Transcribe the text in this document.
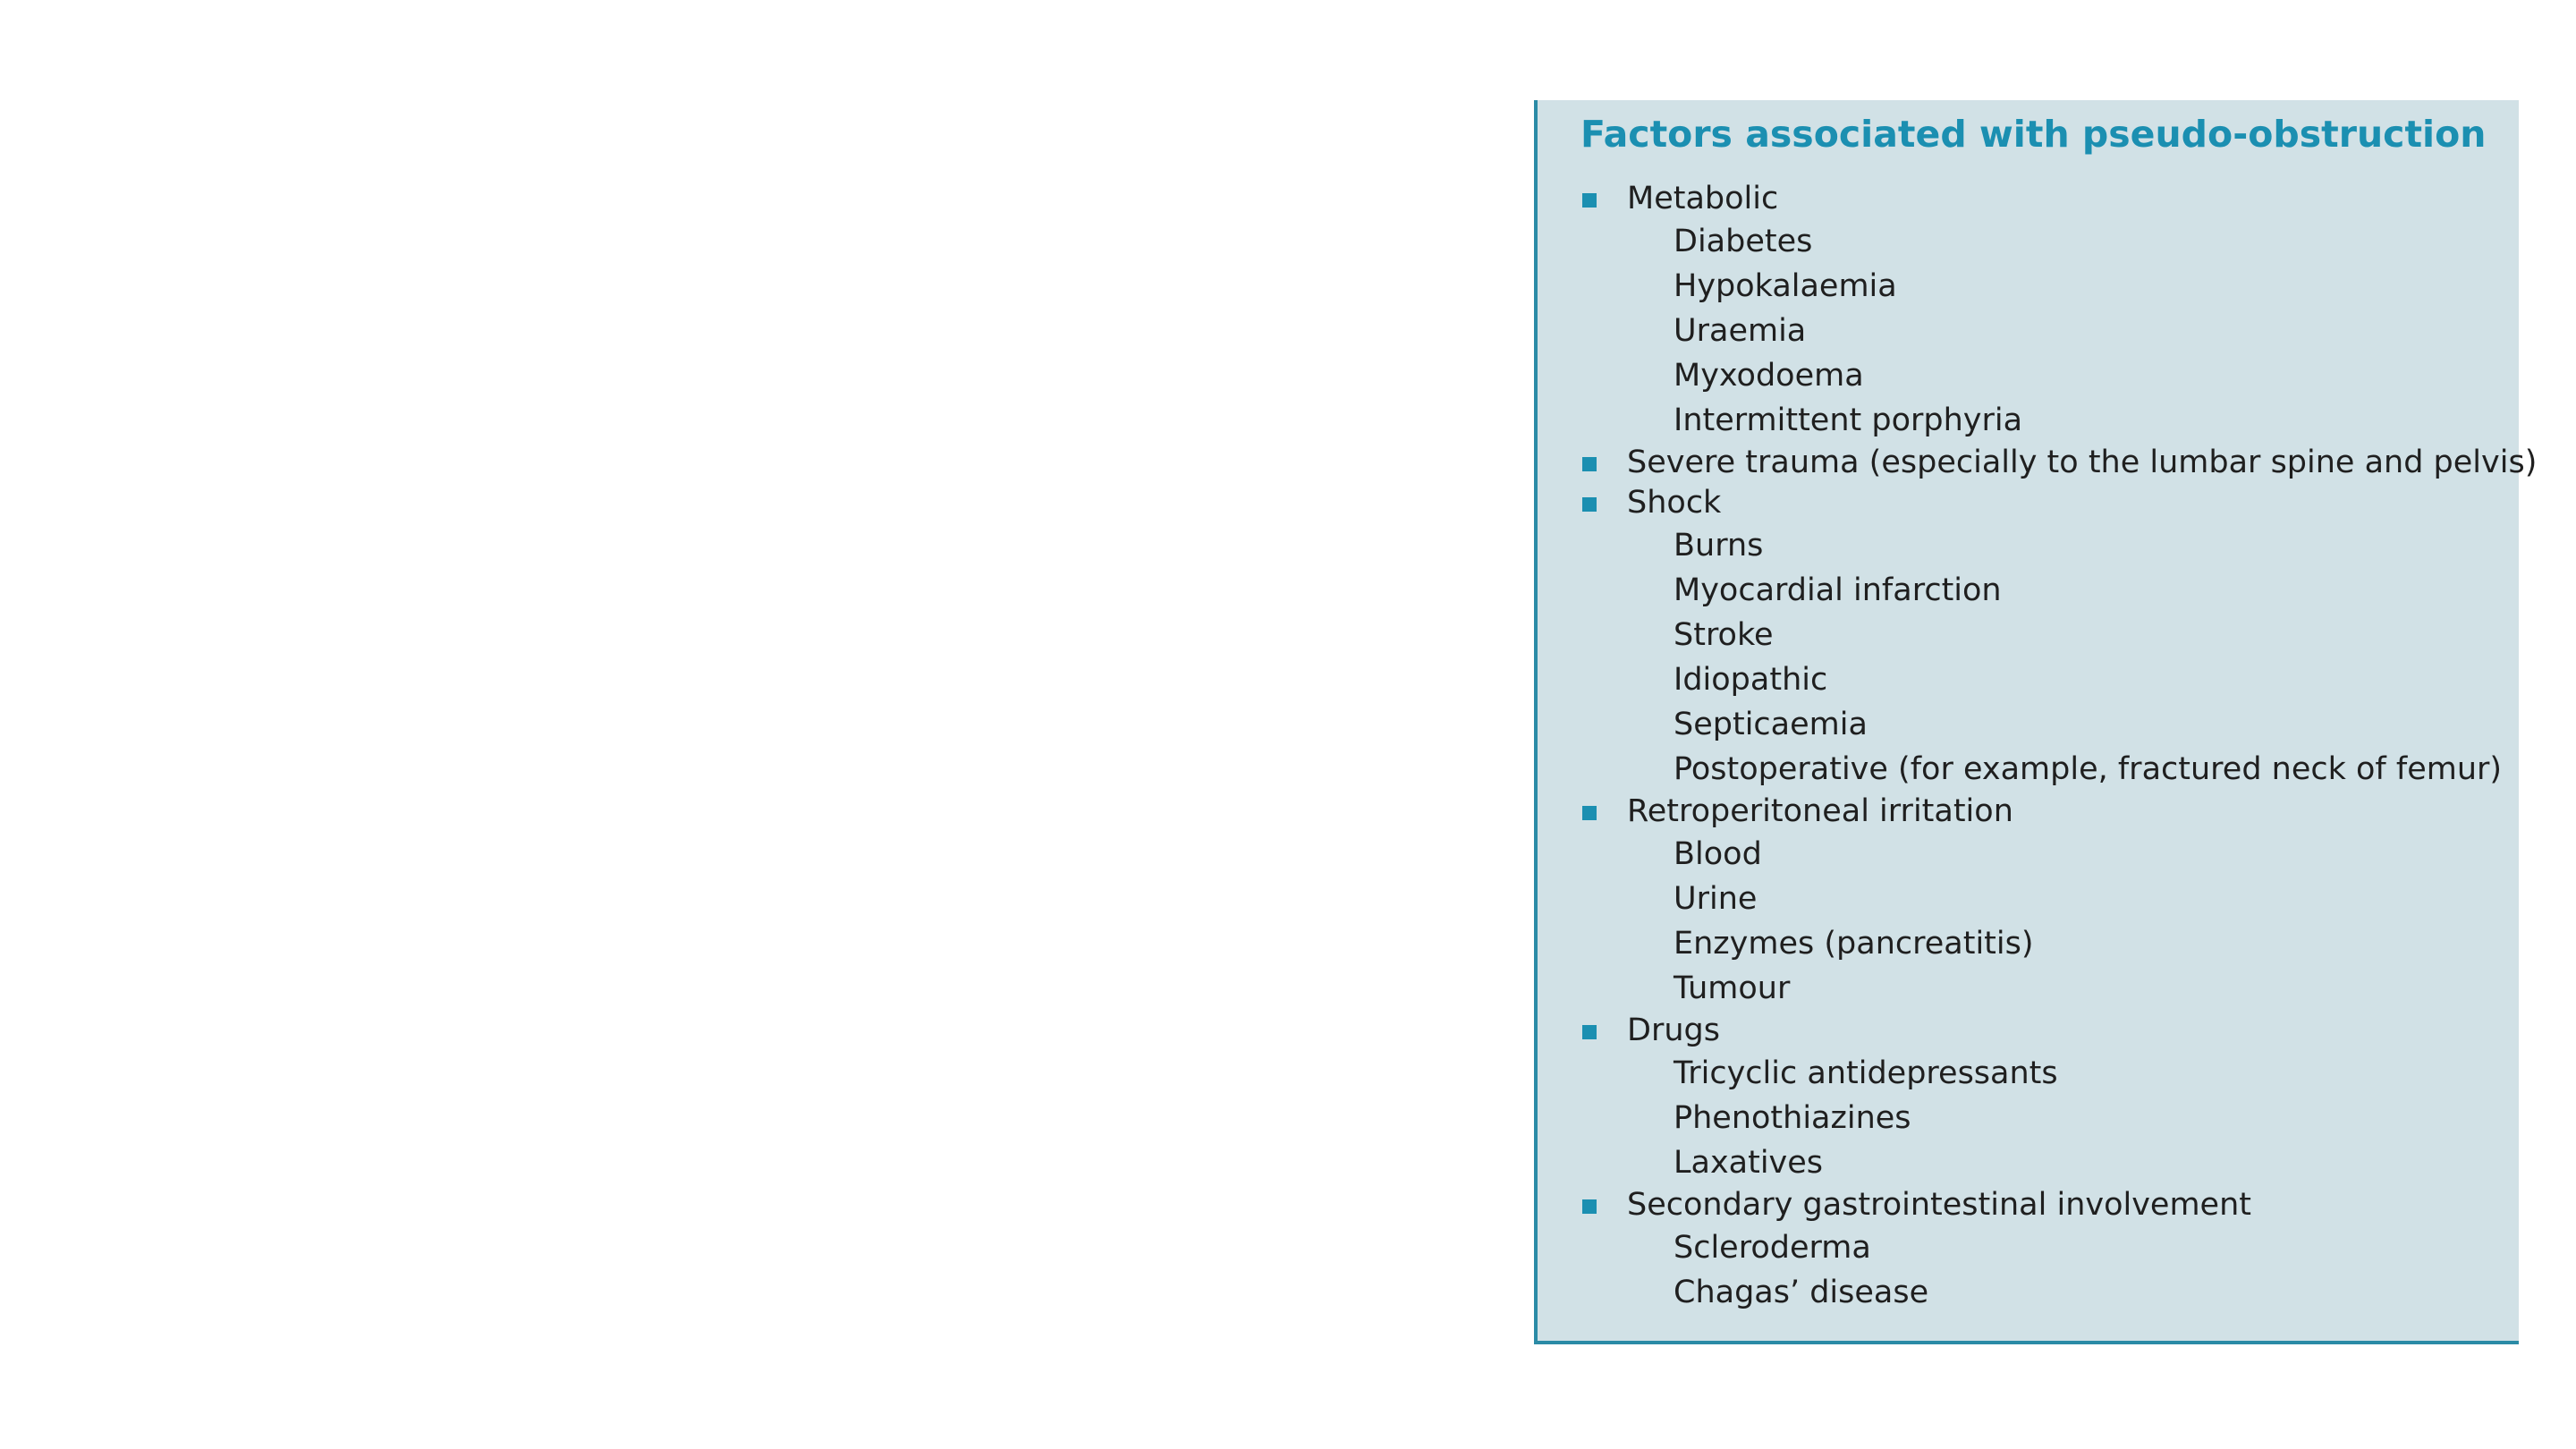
Factors associated with pseudo-obstruction
Metabolic
Diabetes
Hypokalaemia
Uraemia
Myxodoema
Intermittent porphyria
Severe trauma (especially to the lumbar spine and pelvis)
Shock
Burns
Myocardial infarction
Stroke
Idiopathic
Septicaemia
Postoperative (for example, fractured neck of femur)
Retroperitoneal irritation
Blood
Urine
Enzymes (pancreatitis)
Tumour
Drugs
Tricyclic antidepressants
Phenothiazines
Laxatives
Secondary gastrointestinal involvement
Scleroderma
Chagas’ disease
